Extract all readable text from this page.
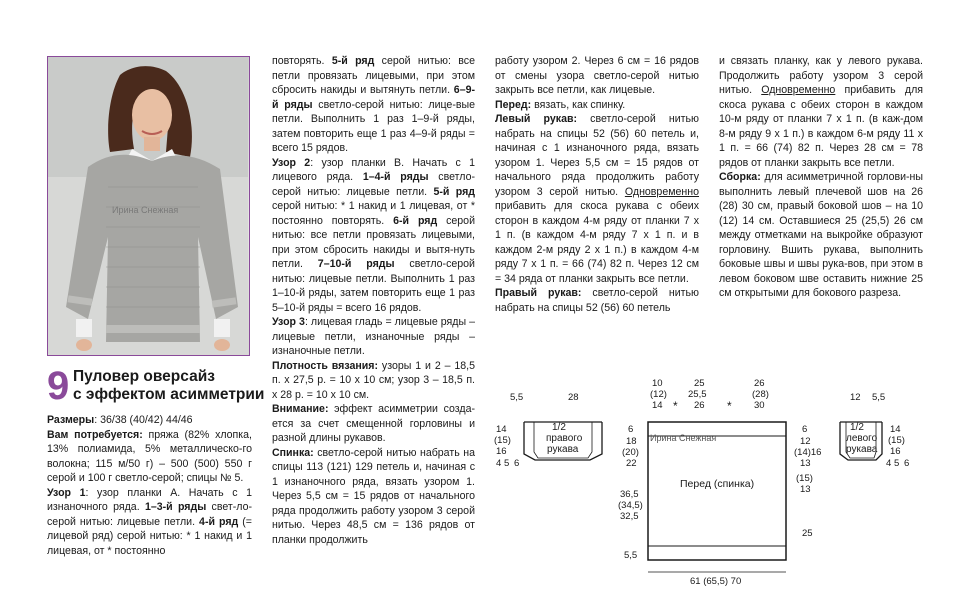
Ирина Снежная
9 Пуловер оверсайз
с эффектом асимметрии

Размеры: 36/38 (40/42) 44/46

Вам потребуется: пряжа (82% хлопка, 13% полиамида, 5% металлическо-го волокна; 115 м/50 г) – 500 (500) 550 г серой и 100 г светло-серой; спицы № 5.

Узор 1: узор планки А. Начать с 1 изнаночного ряда. 1–3-й ряды свет-ло-серой нитью: лицевые петли. 4-й ряд (= лицевой ряд) серой нитью: * 1 накид и 1 лицевая, от * постоянно

повторять. 5-й ряд серой нитью: все петли провязать лицевыми, при этом сбросить накиды и вытянуть петли. 6–9-й ряды светло-серой нитью: лице-вые петли. Выполнить 1 раз 1–9-й ряды, затем повторить еще 1 раз 4–9-й ряды = всего 15 рядов.

Узор 2: узор планки В. Начать с 1 лицевого ряда. 1–4-й ряды светло-серой нитью: лицевые петли. 5-й ряд серой нитью: * 1 накид и 1 лицевая, от * постоянно повторять. 6-й ряд серой нитью: все петли провязать лицевыми, при этом сбросить накиды и вытя-нуть петли. 7–10-й ряды светло-серой нитью: лицевые петли. Выполнить 1 раз 1–10-й ряды, затем повторить еще 1 раз 5–10-й ряды = всего 16 рядов.

Узор 3: лицевая гладь = лицевые ряды – лицевые петли, изнаночные ряды – изнаночные петли.

Плотность вязания: узоры 1 и 2 – 18,5 п. х 27,5 р. = 10 х 10 см; узор 3 – 18,5 п. х 28 р. = 10 х 10 см.

Внимание: эффект асимметрии созда-ется за счет смещенной горловины и разной длины рукавов.

Спинка: светло-серой нитью набрать на спицы 113 (121) 129 петель и, начиная с 1 изнаночного ряда, вязать узором 1. Через 5,5 см = 15 рядов от начального ряда продолжить работу узором 3 серой нитью. Через 48,5 см = 136 рядов от планки продолжить

работу узором 2. Через 6 см = 16 рядов от смены узора светло-серой нитью закрыть все петли, как лицевые.

Перед: вязать, как спинку.

Левый рукав: светло-серой нитью набрать на спицы 52 (56) 60 петель и, начиная с 1 изнаночного ряда, вязать узором 1. Через 5,5 см = 15 рядов от начального ряда продолжить работу узором 3 серой нитью. Одновременно прибавить для скоса рукава с обеих сторон в каждом 4-м ряду от планки 7 х 1 п. (в каждом 4-м ряду 7 х 1 п. и в каждом 2-м ряду 2 х 1 п.) в каждом 4-м ряду 7 х 1 п. = 66 (74) 82 п. Через 12 см = 34 ряда от планки закрыть все петли.

Правый рукав: светло-серой нитью набрать на спицы 52 (56) 60 петель

и связать планку, как у левого рукава. Продолжить работу узором 3 серой нитью. Одновременно прибавить для скоса рукава с обеих сторон в каждом 10-м ряду от планки 7 х 1 п. (в каж-дом 8-м ряду 9 х 1 п.) в каждом 6-м ряду 11 х 1 п. = 66 (74) 82 п. Через 28 см = 78 рядов от планки закрыть все петли.

Сборка: для асимметричной горлови-ны выполнить левый плечевой шов на 26 (28) 30 см, правый боковой шов – на 10 (12) 14 см. Оставшиеся 25 (25,5) 26 см между отметками на выкройке образуют горловину. Вшить рукава, выполнить боковые швы и швы рука-вов, при этом в левом боковом шве оставить нижние 25 см открытыми для бокового разреза.

5,5	28
1/2
правого
рукава
14
(15)
16
4 5 6
*	*
Перед (спинка)
Ирина Снежная
10
(12)
14
25
25,5
26
26
(28)
30
6
18
(20)
22
36,5
(34,5)
32,5
5,5
6
12
(14)16
13
(15)
13
25
61 (65,5) 70
12 5,5
1/2
левого
рукава
14
(15)
16
4 5 6
